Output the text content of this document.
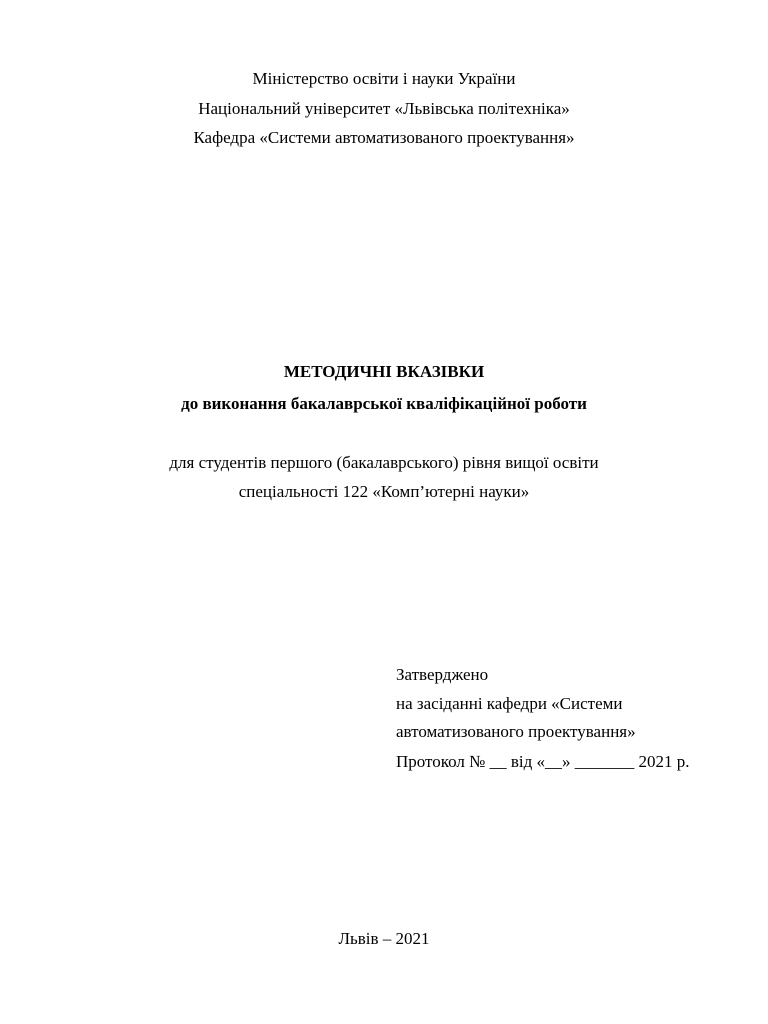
Міністерство освіти і науки України
Національний університет «Львівська політехніка»
Кафедра «Системи автоматизованого проектування»
МЕТОДИЧНІ ВКАЗІВКИ
до виконання бакалаврської кваліфікаційної роботи
для студентів першого (бакалаврського) рівня вищої освіти
спеціальності 122 «Комп’ютерні науки»
Затверджено
на засіданні кафедри «Системи
автоматизованого проектування»
Протокол № __ від «__» _______ 2021 р.
Львів – 2021
